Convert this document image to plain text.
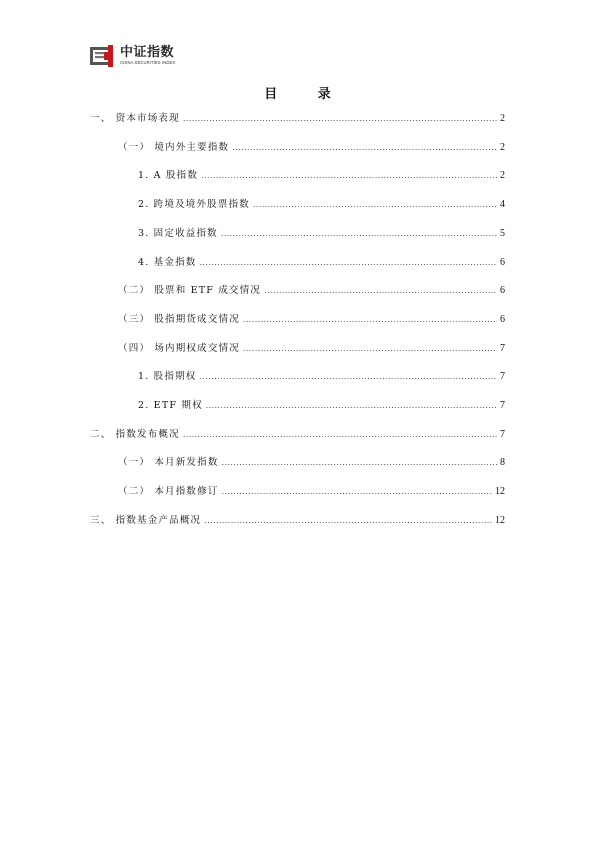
中证指数
CHINA SECURITIES INDEX
目 录
一、 资本市场表现 .....	2
（一） 境内外主要指数 .....	2
1. A 股指数 .....	2
2. 跨境及境外股票指数 .....	4
3. 固定收益指数 .....	5
4. 基金指数 .....	6
（二） 股票和 ETF 成交情况 .....	6
（三） 股指期货成交情况 .....	6
（四） 场内期权成交情况 .....	7
1. 股指期权 .....	7
2. ETF 期权 .....	7
二、 指数发布概况 .....	7
（一） 本月新发指数 .....	8
（二） 本月指数修订 .....	12
三、 指数基金产品概况 .....	12
